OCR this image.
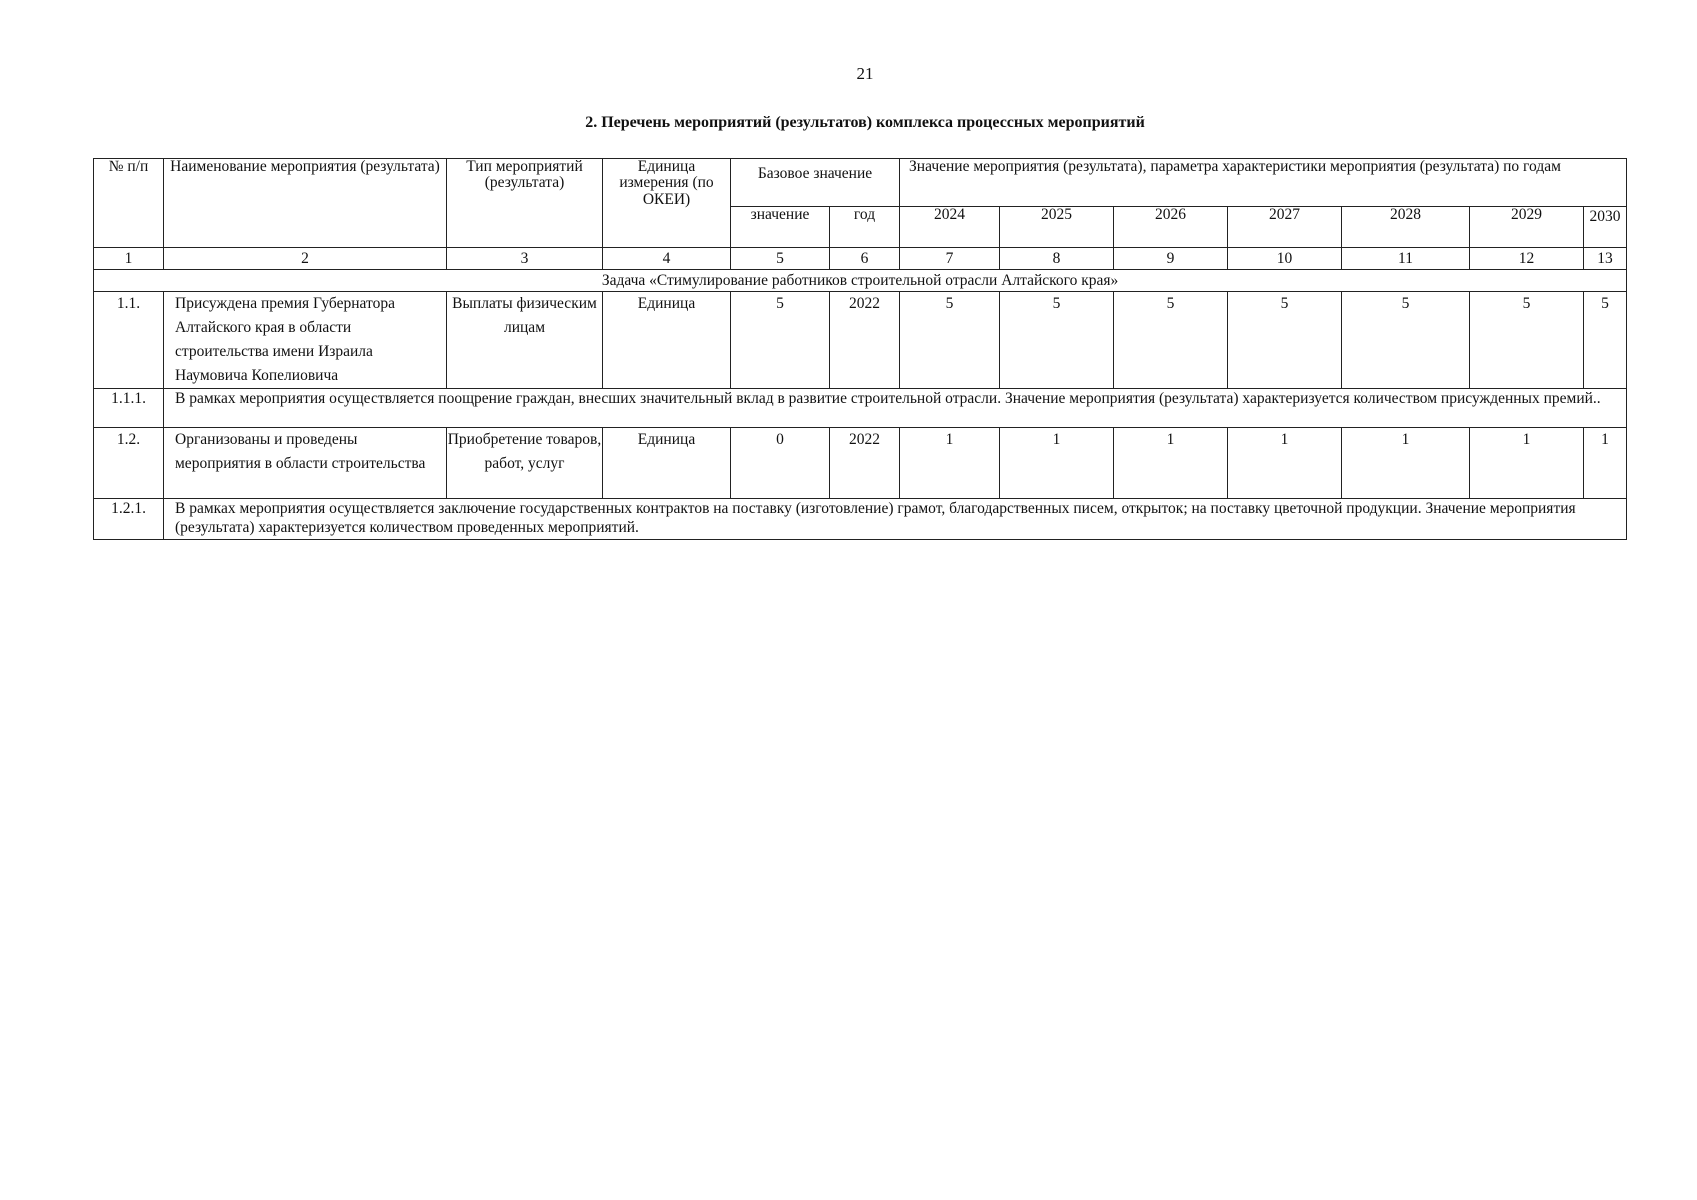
21
2. Перечень мероприятий (результатов) комплекса процессных мероприятий
№ п/п	Наименование мероприятия (результата)	Тип мероприятий (результата)	Единица измерения (по ОКЕИ)	Базовое значение		Значение мероприятия (результата), параметра характеристики мероприятия (результата) по годам						
				значение	год	2024	2025	2026	2027	2028	2029	2030
1	2	3	4	5	6	7	8	9	10	11	12	13
Задача «Стимулирование работников строительной отрасли Алтайского края»												
1.1.	Присуждена премия Губернатора Алтайского края в области строительства имени Израила Наумовича Копелиовича	Выплаты физическим лицам	Единица	5	2022	5	5	5	5	5	5	5
1.1.1.	В рамках мероприятия осуществляется поощрение граждан, внесших значительный вклад в развитие строительной отрасли. Значение мероприятия (результата) характеризуется количеством присужденных премий..											
1.2.	Организованы и проведены мероприятия в области строительства	Приобретение товаров, работ, услуг	Единица	0	2022	1	1	1	1	1	1	1
1.2.1.	В рамках мероприятия осуществляется заключение государственных контрактов на поставку (изготовление) грамот, благодарственных писем, открыток; на поставку цветочной продукции. Значение мероприятия (результата) характеризуется количеством проведенных мероприятий.											
